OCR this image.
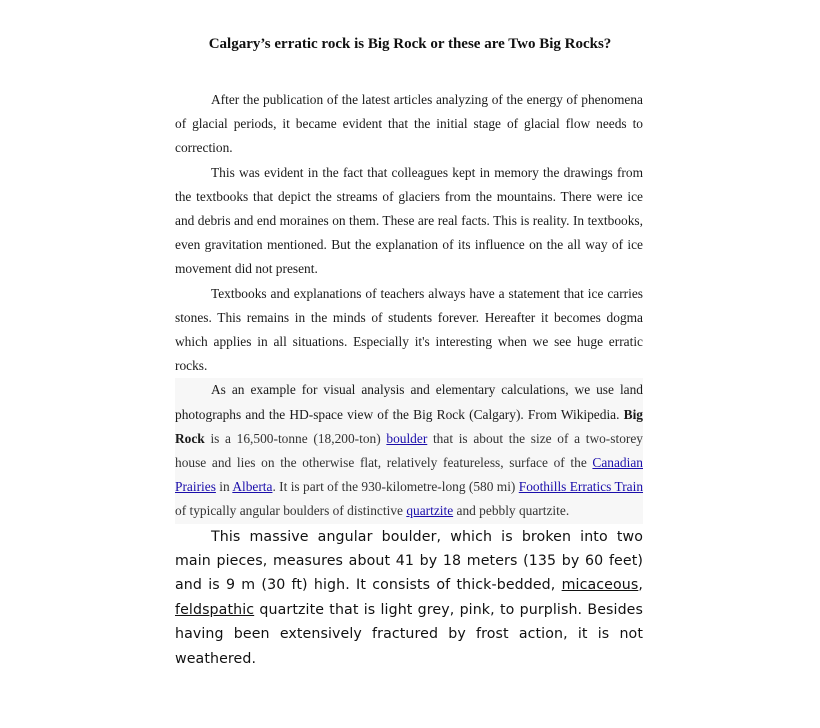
Calgary’s erratic rock is Big Rock or these are Two Big Rocks?

After the publication of the latest articles analyzing of the energy of phenomena of glacial periods, it became evident that the initial stage of glacial flow needs to correction.

This was evident in the fact that colleagues kept in memory the drawings from the textbooks that depict the streams of glaciers from the mountains. There were ice and debris and end moraines on them. These are real facts. This is reality. In textbooks, even gravitation mentioned. But the explanation of its influence on the all way of ice movement did not present.

Textbooks and explanations of teachers always have a statement that ice carries stones. This remains in the minds of students forever. Hereafter it becomes dogma which applies in all situations. Especially it's interesting when we see huge erratic rocks.

As an example for visual analysis and elementary calculations, we use land photographs and the HD-space view of the Big Rock (Calgary). From Wikipedia. Big Rock is a 16,500-tonne (18,200-ton) boulder that is about the size of a two-storey house and lies on the otherwise flat, relatively featureless, surface of the Canadian Prairies in Alberta. It is part of the 930-kilometre-long (580 mi) Foothills Erratics Train of typically angular boulders of distinctive quartzite and pebbly quartzite.

This massive angular boulder, which is broken into two main pieces, measures about 41 by 18 meters (135 by 60 feet) and is 9 m (30 ft) high. It consists of thick-bedded, micaceous, feldspathic quartzite that is light grey, pink, to purplish. Besides having been extensively fractured by frost action, it is not weathered.
